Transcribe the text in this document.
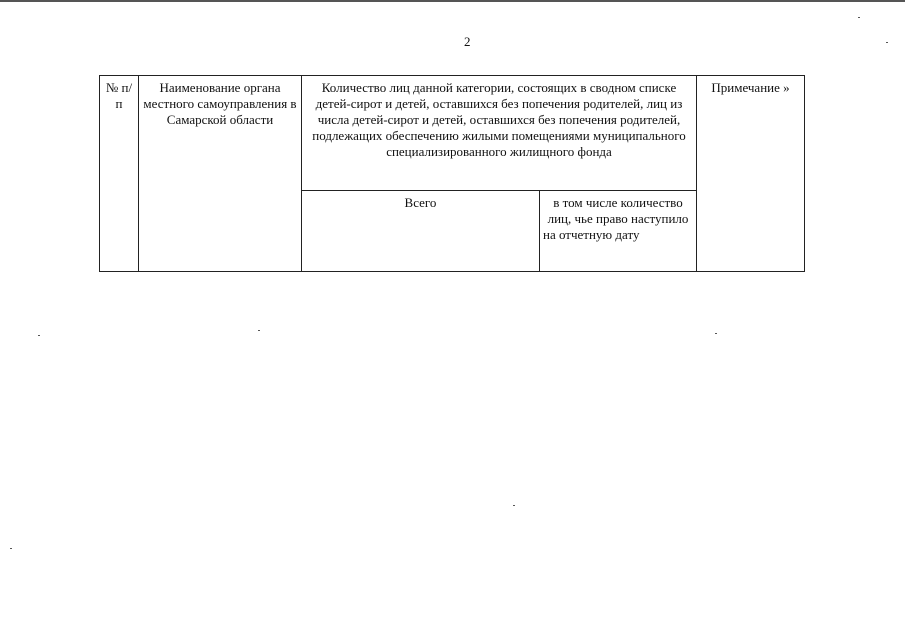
2
№ п/п	Наименование органа местного самоуправления в Самарской области	Количество лиц данной категории, состоящих в сводном списке детей-сирот и детей, оставшихся без попечения родителей, лиц из числа детей-сирот и детей, оставшихся без попечения родителей, подлежащих обеспечению жилыми помещениями муниципального специализированного жилищного фонда		Примечание »
		Всего	в том числе количество лиц, чье право наступило на отчетную дату	
